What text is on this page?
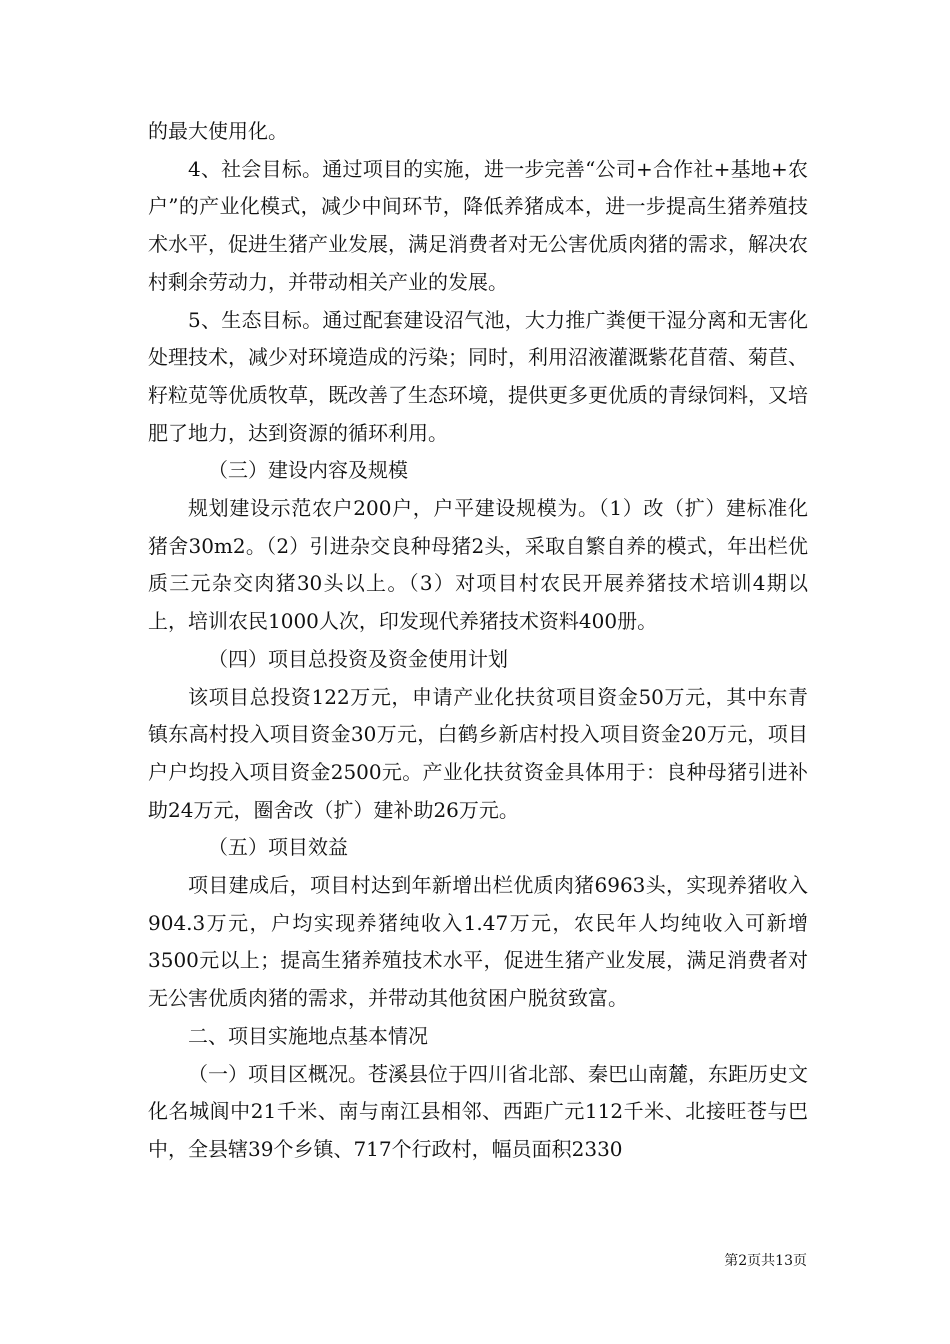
的最大使用化。

4、社会目标。通过项目的实施，进一步完善“公司+合作社+基地+农户”的产业化模式，减少中间环节，降低养猪成本，进一步提高生猪养殖技术水平，促进生猪产业发展，满足消费者对无公害优质肉猪的需求，解决农村剩余劳动力，并带动相关产业的发展。

5、生态目标。通过配套建设沼气池，大力推广粪便干湿分离和无害化处理技术，减少对环境造成的污染；同时，利用沼液灌溉紫花苜蓿、菊苣、籽粒苋等优质牧草，既改善了生态环境，提供更多更优质的青绿饲料，又培肥了地力，达到资源的循环利用。

（三）建设内容及规模

规划建设示范农户200户，户平建设规模为。（1）改（扩）建标准化猪舍30m2。（2）引进杂交良种母猪2头，采取自繁自养的模式，年出栏优质三元杂交肉猪30头以上。（3）对项目村农民开展养猪技术培训4期以上，培训农民1000人次，印发现代养猪技术资料400册。

（四）项目总投资及资金使用计划

该项目总投资122万元，申请产业化扶贫项目资金50万元，其中东青镇东高村投入项目资金30万元，白鹤乡新店村投入项目资金20万元，项目户户均投入项目资金2500元。产业化扶贫资金具体用于：良种母猪引进补助24万元，圈舍改（扩）建补助26万元。

（五）项目效益

项目建成后，项目村达到年新增出栏优质肉猪6963头，实现养猪收入904.3万元，户均实现养猪纯收入1.47万元，农民年人均纯收入可新增3500元以上；提高生猪养殖技术水平，促进生猪产业发展，满足消费者对无公害优质肉猪的需求，并带动其他贫困户脱贫致富。

二、项目实施地点基本情况

（一）项目区概况。苍溪县位于四川省北部、秦巴山南麓，东距历史文化名城阆中21千米、南与南江县相邻、西距广元112千米、北接旺苍与巴中，全县辖39个乡镇、717个行政村，幅员面积2330

第2页共13页
